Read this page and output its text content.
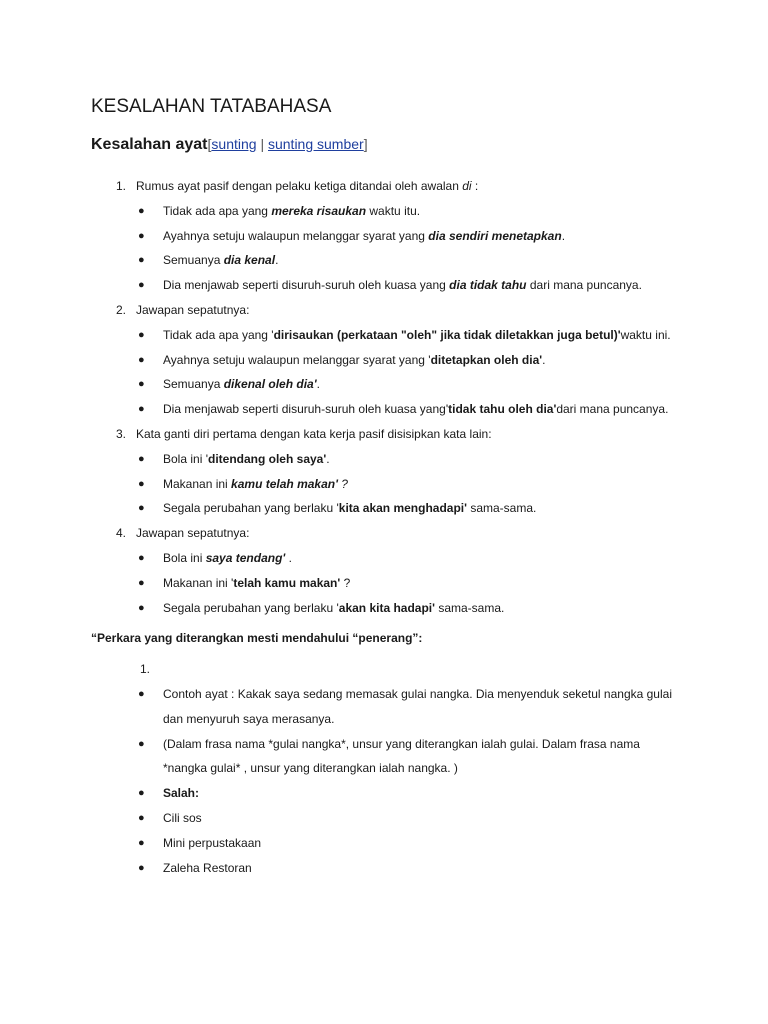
KESALAHAN TATABAHASA
Kesalahan ayat[sunting | sunting sumber]
1. Rumus ayat pasif dengan pelaku ketiga ditandai oleh awalan di :
● Tidak ada apa yang mereka risaukan waktu itu.
● Ayahnya setuju walaupun melanggar syarat yang dia sendiri menetapkan.
● Semuanya dia kenal.
● Dia menjawab seperti disuruh-suruh oleh kuasa yang dia tidak tahu dari mana puncanya.
2. Jawapan sepatutnya:
● Tidak ada apa yang 'dirisaukan (perkataan "oleh" jika tidak diletakkan juga betul)'waktu ini.
● Ayahnya setuju walaupun melanggar syarat yang 'ditetapkan oleh dia'.
● Semuanya dikenal oleh dia'.
● Dia menjawab seperti disuruh-suruh oleh kuasa yang'tidak tahu oleh dia'dari mana puncanya.
3. Kata ganti diri pertama dengan kata kerja pasif disisipkan kata lain:
● Bola ini 'ditendang oleh saya'.
● Makanan ini kamu telah makan' ?
● Segala perubahan yang berlaku 'kita akan menghadapi' sama-sama.
4. Jawapan sepatutnya:
● Bola ini saya tendang' .
● Makanan ini 'telah kamu makan' ?
● Segala perubahan yang berlaku 'akan kita hadapi' sama-sama.
“Perkara yang diterangkan mesti mendahului “penerang”:
1.
● Contoh ayat : Kakak saya sedang memasak gulai nangka. Dia menyenduk seketul nangka gulai dan menyuruh saya merasanya.
● (Dalam frasa nama *gulai nangka*, unsur yang diterangkan ialah gulai. Dalam frasa nama *nangka gulai* , unsur yang diterangkan ialah nangka. )
● Salah:
● Cili sos
● Mini perpustakaan
● Zaleha Restoran
